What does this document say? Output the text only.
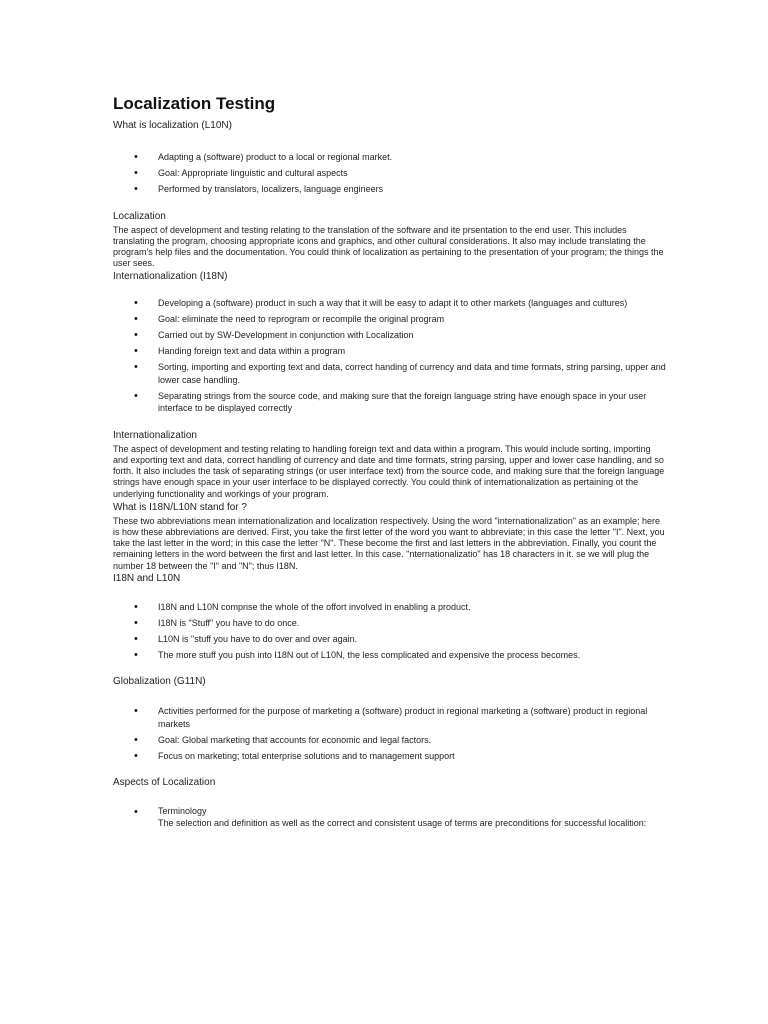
Localization Testing
What is localization (L10N)
• Adapting a (software) product to a local or regional market.
• Goal: Appropriate linguistic and cultural aspects
• Performed by translators, localizers, language engineers
Localization

The aspect of development and testing relating to the translation of the software and ite prsentation to the end user. This includes translating the program, choosing appropriate icons and graphics, and other cultural considerations. It also may include translating the program's help files and the documentation. You could think of localization as pertaining to the presentation of your program; the things the user sees.

Internationalization (I18N)
• Developing a (software) product in such a way that it will be easy to adapt it to other markets (languages and cultures)
• Goal: eliminate the need to reprogram or recompile the original program
• Carried out by SW-Development in conjunction with Localization
• Handing foreign text and data within a program
• Sorting, importing and exporting text and data, correct handing of currency and data and time formats, string parsing, upper and lower case handling.
• Separating strings from the source code, and making sure that the foreign language string have enough space in your user interface to be displayed correctly
Internationalization

The aspect of development and testing relating to handling foreign text and data within a program. This would include sorting, importing and exporting text and data, correct handling of currency and date and time formats, string parsing, upper and lower case handling, and so forth. It also includes the task of separating strings (or user interface text) from the source code, and making sure that the foreign language strings have enough space in your user interface to be displayed correctly. You could think of internationalization as pertaining ot the underlying functionality and workings of your program.

What is I18N/L10N stand for ?

These two abbreviations mean internationalization and localization respectively. Using the word "internationalization" as an example; here is how these abbreviations are derived. First, you take the first letter of the word you want to abbreviate; in this case the letter "I". Next, you take the last letter in the word; in this case the letter "N". These become the first and last letters in the abbreviation. Finally, you count the remaining letters in the word between the first and last letter. In this case. "nternationalizatio" has 18 characters in it. se we will plug the number 18 between the "I" and "N"; thus I18N.

I18N and L10N
• I18N and L10N comprise the whole of the offort involved in enabling a product.
• I18N is "Stuff" you have to do once.
• L10N is "stuff you have to do over and over again.
• The more stuff you push into I18N out of L10N, the less complicated and expensive the process becomes.
Globalization (G11N)
• Activities performed for the purpose of marketing a (software) product in regional marketing a (software) product in regional markets
• Goal: Global marketing that accounts for economic and legal factors.
• Focus on marketing; total enterprise solutions and to management support
Aspects of Localization
• Terminology
The selection and definition as well as the correct and consistent usage of terms are preconditions for successful localition:
